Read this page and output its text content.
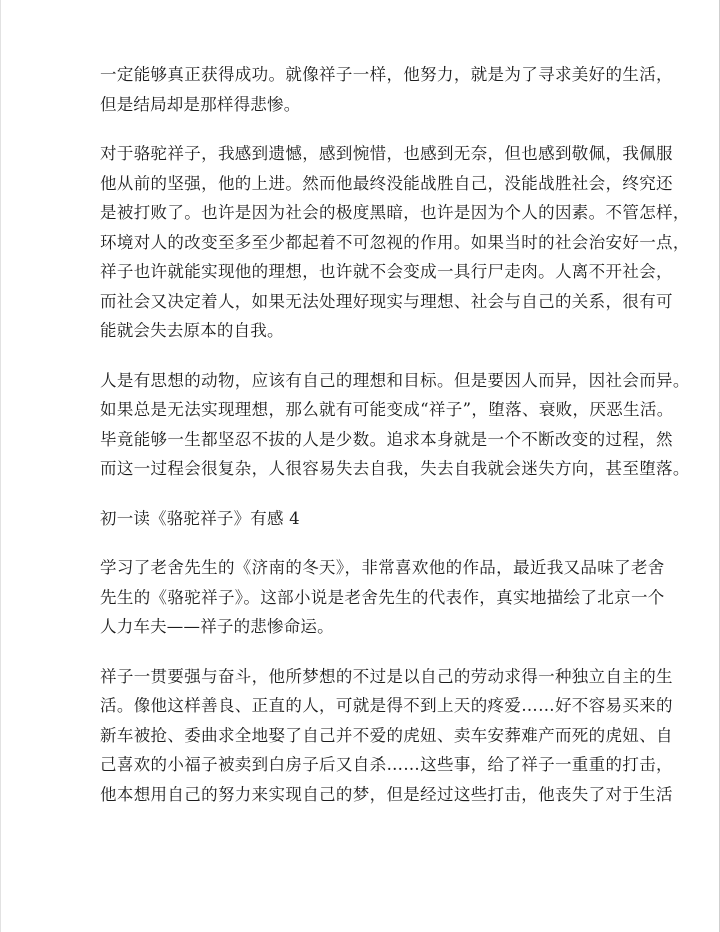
一定能够真正获得成功。就像祥子一样，他努力，就是为了寻求美好的生活，
但是结局却是那样得悲惨。

对于骆驼祥子，我感到遗憾，感到惋惜，也感到无奈，但也感到敬佩，我佩服
他从前的坚强，他的上进。然而他最终没能战胜自己，没能战胜社会，终究还
是被打败了。也许是因为社会的极度黑暗，也许是因为个人的因素。不管怎样，
环境对人的改变至多至少都起着不可忽视的作用。如果当时的社会治安好一点，
祥子也许就能实现他的理想，也许就不会变成一具行尸走肉。人离不开社会，
而社会又决定着人，如果无法处理好现实与理想、社会与自己的关系，很有可
能就会失去原本的自我。

人是有思想的动物，应该有自己的理想和目标。但是要因人而异，因社会而异。
如果总是无法实现理想，那么就有可能变成“祥子”，堕落、衰败，厌恶生活。
毕竟能够一生都坚忍不拔的人是少数。追求本身就是一个不断改变的过程，然
而这一过程会很复杂，人很容易失去自我，失去自我就会迷失方向，甚至堕落。

初一读《骆驼祥子》有感 4

学习了老舍先生的《济南的冬天》，非常喜欢他的作品，最近我又品味了老舍
先生的《骆驼祥子》。这部小说是老舍先生的代表作，真实地描绘了北京一个
人力车夫——祥子的悲惨命运。

祥子一贯要强与奋斗，他所梦想的不过是以自己的劳动求得一种独立自主的生
活。像他这样善良、正直的人，可就是得不到上天的疼爱……好不容易买来的
新车被抢、委曲求全地娶了自己并不爱的虎妞、卖车安葬难产而死的虎妞、自
己喜欢的小福子被卖到白房子后又自杀……这些事，给了祥子一重重的打击，
他本想用自己的努力来实现自己的梦，但是经过这些打击，他丧失了对于生活
